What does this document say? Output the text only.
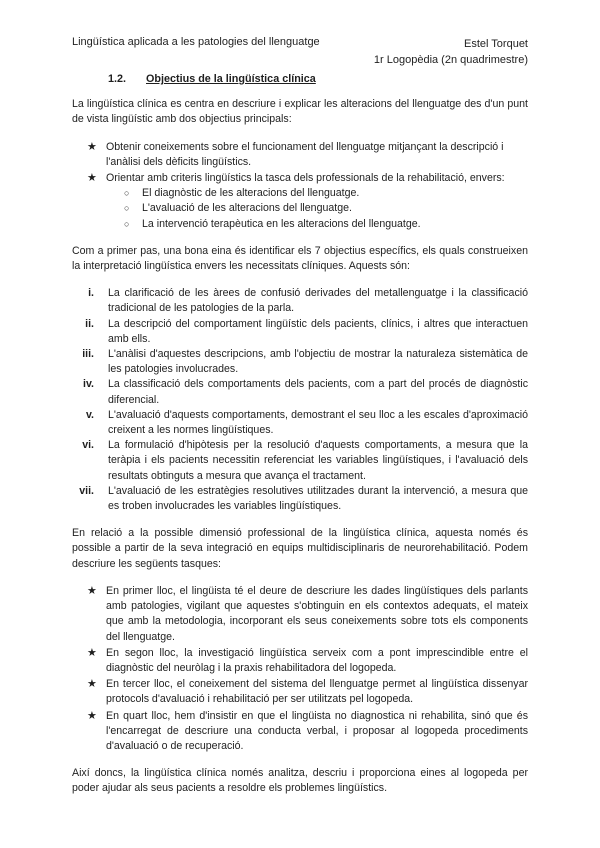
Lingüística aplicada a les patologies del llenguatge	Estel Torquet
1r Logopèdia (2n quadrimestre)
1.2. Objectius de la lingüística clínica

La lingüística clínica es centra en descriure i explicar les alteracions del llenguatge des d'un punt de vista lingüístic amb dos objectius principals:

★ Obtenir coneixements sobre el funcionament del llenguatge mitjançant la descripció i l'anàlisi dels dèficits lingüístics.
★ Orientar amb criteris lingüístics la tasca dels professionals de la rehabilitació, envers:
○ El diagnòstic de les alteracions del llenguatge.
○ L'avaluació de les alteracions del llenguatge.
○ La intervenció terapèutica en les alteracions del llenguatge.

Com a primer pas, una bona eina és identificar els 7 objectius específics, els quals construeixen la interpretació lingüística envers les necessitats clíniques. Aquests són:

i. La clarificació de les àrees de confusió derivades del metallenguatge i la classificació tradicional de les patologies de la parla.
ii. La descripció del comportament lingüístic dels pacients, clínics, i altres que interactuen amb ells.
iii. L'anàlisi d'aquestes descripcions, amb l'objectiu de mostrar la naturaleza sistemàtica de les patologies involucrades.
iv. La classificació dels comportaments dels pacients, com a part del procés de diagnòstic diferencial.
v. L'avaluació d'aquests comportaments, demostrant el seu lloc a les escales d'aproximació creixent a les normes lingüístiques.
vi. La formulació d'hipòtesis per la resolució d'aquests comportaments, a mesura que la teràpia i els pacients necessitin referenciat les variables lingüístiques, i l'avaluació dels resultats obtinguts a mesura que avança el tractament.
vii. L'avaluació de les estratègies resolutives utilitzades durant la intervenció, a mesura que es troben involucrades les variables lingüístiques.

En relació a la possible dimensió professional de la lingüística clínica, aquesta només és possible a partir de la seva integració en equips multidisciplinaris de neurorehabilitació. Podem descriure les següents tasques:

★ En primer lloc, el lingüista té el deure de descriure les dades lingüístiques dels parlants amb patologies, vigilant que aquestes s'obtinguin en els contextos adequats, el mateix que amb la metodologia, incorporant els seus coneixements sobre tots els components del llenguatge.
★ En segon lloc, la investigació lingüística serveix com a pont imprescindible entre el diagnòstic del neuròlag i la praxis rehabilitadora del logopeda.
★ En tercer lloc, el coneixement del sistema del llenguatge permet al lingüística dissenyar protocols d'avaluació i rehabilitació per ser utilitzats pel logopeda.
★ En quart lloc, hem d'insistir en que el lingüista no diagnostica ni rehabilita, sinó que és l'encarregat de descriure una conducta verbal, i proposar al logopeda procediments d'avaluació o de recuperació.

Així doncs, la lingüística clínica només analitza, descriu i proporciona eines al logopeda per poder ajudar als seus pacients a resoldre els problemes lingüístics.
